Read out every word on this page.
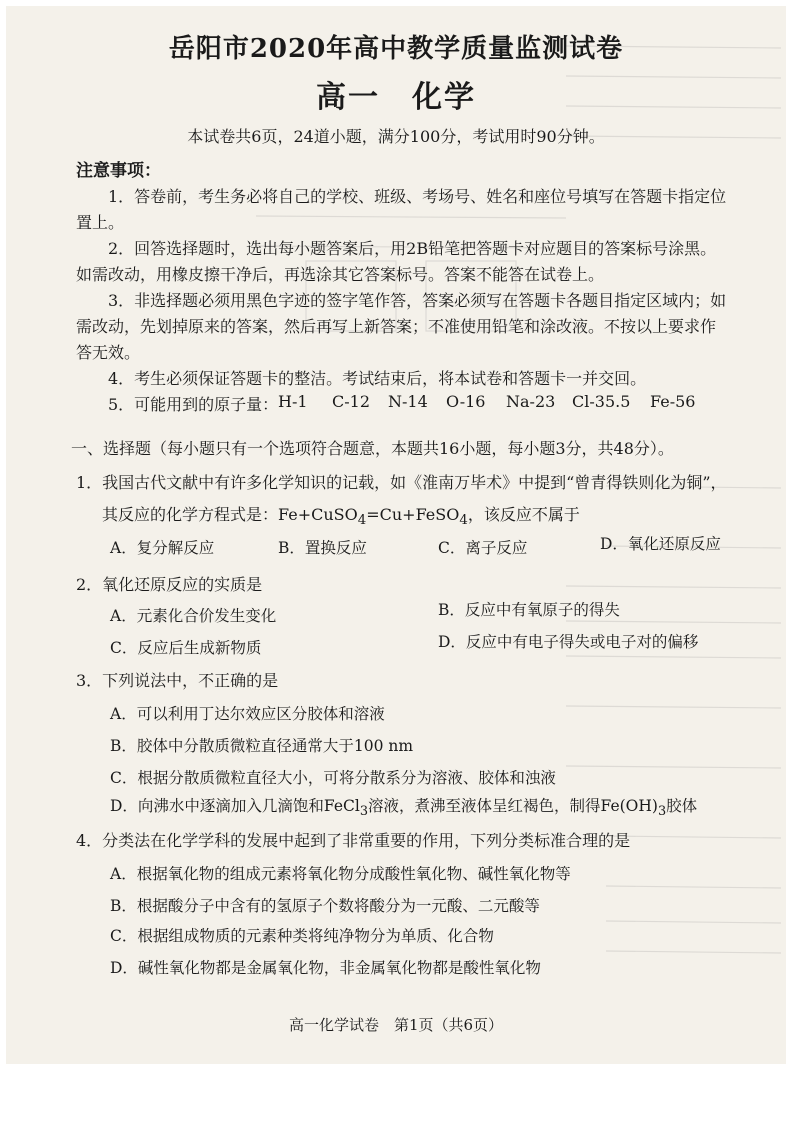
岳阳市2020年高中教学质量监测试卷
高一　化学
本试卷共6页，24道小题，满分100分，考试用时90分钟。
注意事项：
1．答卷前，考生务必将自己的学校、班级、考场号、姓名和座位号填写在答题卡指定位
置上。
2．回答选择题时，选出每小题答案后，用2B铅笔把答题卡对应题目的答案标号涂黑。
如需改动，用橡皮擦干净后，再选涂其它答案标号。答案不能答在试卷上。
3．非选择题必须用黑色字迹的签字笔作答，答案必须写在答题卡各题目指定区域内；如
需改动，先划掉原来的答案，然后再写上新答案；不准使用铅笔和涂改液。不按以上要求作
答无效。
4．考生必须保证答题卡的整洁。考试结束后，将本试卷和答题卡一并交回。
5．可能用到的原子量： H-1 C-12 N-14 O-16 Na-23 Cl-35.5 Fe-56
一、选择题（每小题只有一个选项符合题意，本题共16小题，每小题3分，共48分）。
1．我国古代文献中有许多化学知识的记载，如《淮南万毕术》中提到“曾青得铁则化为铜”，
其反应的化学方程式是：Fe+CuSO$_4$=Cu+FeSO$_4$，该反应不属于
A．复分解反应	B．置换反应	C．离子反应	D．氧化还原反应
2．氧化还原反应的实质是
A．元素化合价发生变化	B．反应中有氧原子的得失
C．反应后生成新物质	D．反应中有电子得失或电子对的偏移
3．下列说法中，不正确的是
A．可以利用丁达尔效应区分胶体和溶液
B．胶体中分散质微粒直径通常大于100 nm
C．根据分散质微粒直径大小，可将分散系分为溶液、胶体和浊液
D．向沸水中逐滴加入几滴饱和FeCl$_3$溶液，煮沸至液体呈红褐色，制得$Fe(OH)_3$胶体
4．分类法在化学学科的发展中起到了非常重要的作用，下列分类标准合理的是
A．根据氧化物的组成元素将氧化物分成酸性氧化物、碱性氧化物等
B．根据酸分子中含有的氢原子个数将酸分为一元酸、二元酸等
C．根据组成物质的元素种类将纯净物分为单质、化合物
D．碱性氧化物都是金属氧化物，非金属氧化物都是酸性氧化物
高一化学试卷　第1页（共6页）
